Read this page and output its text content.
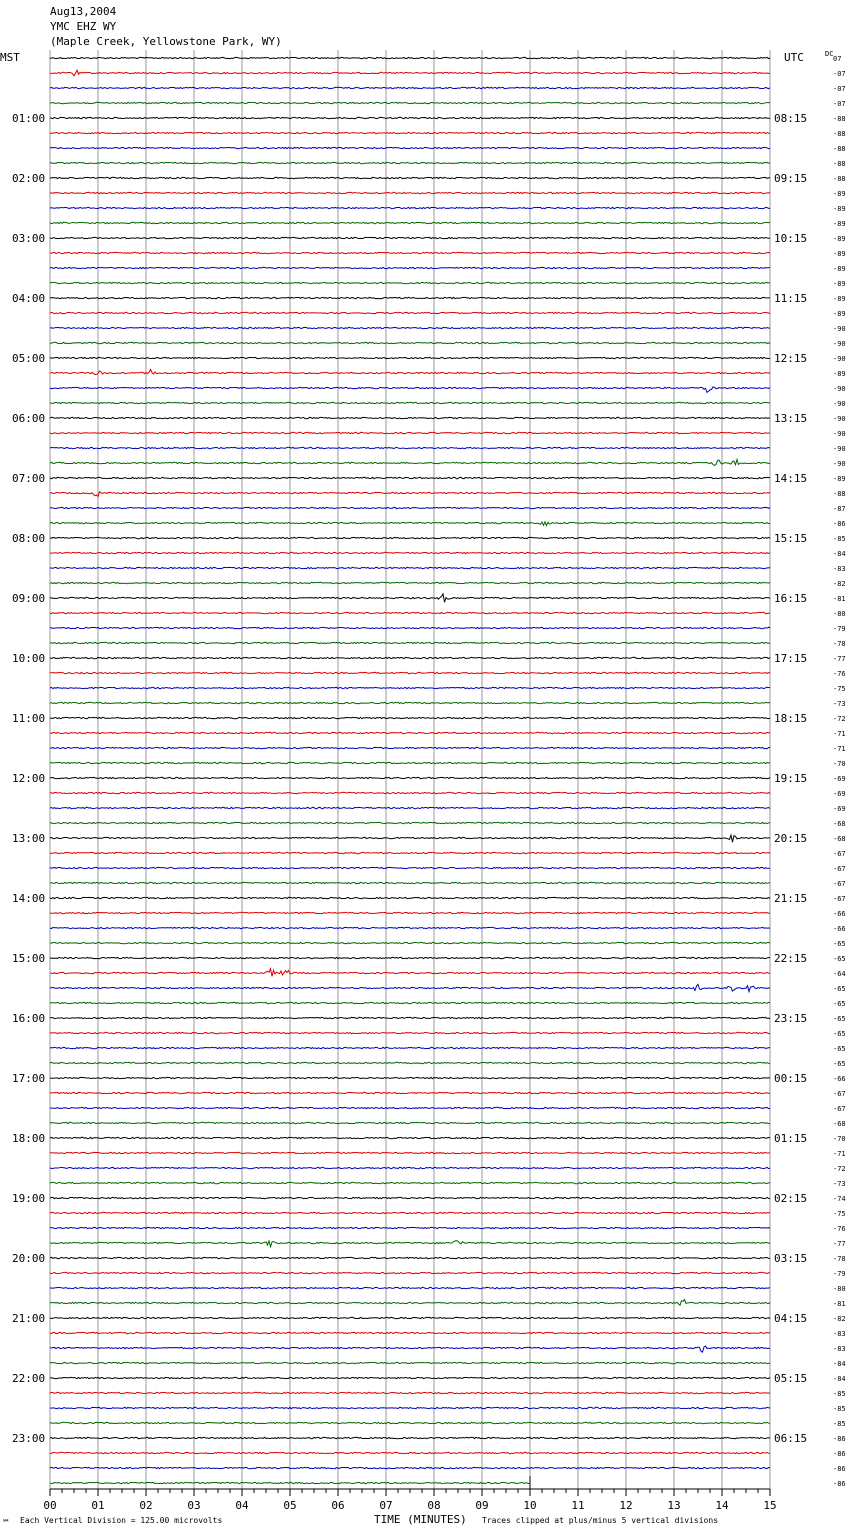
Aug13,2004
YMC EHZ WY
(Maple Creek, Yellowstone Park, WY)
MST	UTC	DC
01:00
02:00
03:00
04:00
05:00
06:00
07:00
08:00
09:00
10:00
11:00
12:00
13:00
14:00
15:00
16:00
17:00
18:00
19:00
20:00
21:00
22:00
23:00
08:15
09:15
10:15
11:15
12:15
13:15
14:15
15:15
16:15
17:15
18:15
19:15
20:15
21:15
22:15
23:15
00:15
01:15
02:15
03:15
04:15
05:15
06:15
07
-07
-07
-07
-88
-88
-88
-88
-88
-89
-89
-89
-89
-89
-89
-89
-89
-89
-90
-90
-90
-89
-90
-90
-90
-90
-90
-90
-89
-88
-87
-86
-85
-84
-83
-82
-81
-80
-79
-78
-77
-76
-75
-73
-72
-71
-71
-70
-69
-69
-69
-68
-68
-67
-67
-67
-67
-66
-66
-65
-65
-64
-65
-65
-65
-65
-65
-65
-66
-67
-67
-68
-70
-71
-72
-73
-74
-75
-76
-77
-78
-79
-80
-81
-82
-83
-83
-84
-84
-85
-85
-85
-86
-86
-86
-86
00	01	02	03	04	05	06	07	08	09	10	11	12	13	14	15
TIME (MINUTES)
℠ Each Vertical Division = 125.00 microvolts	Traces clipped at plus/minus 5 vertical divisions
